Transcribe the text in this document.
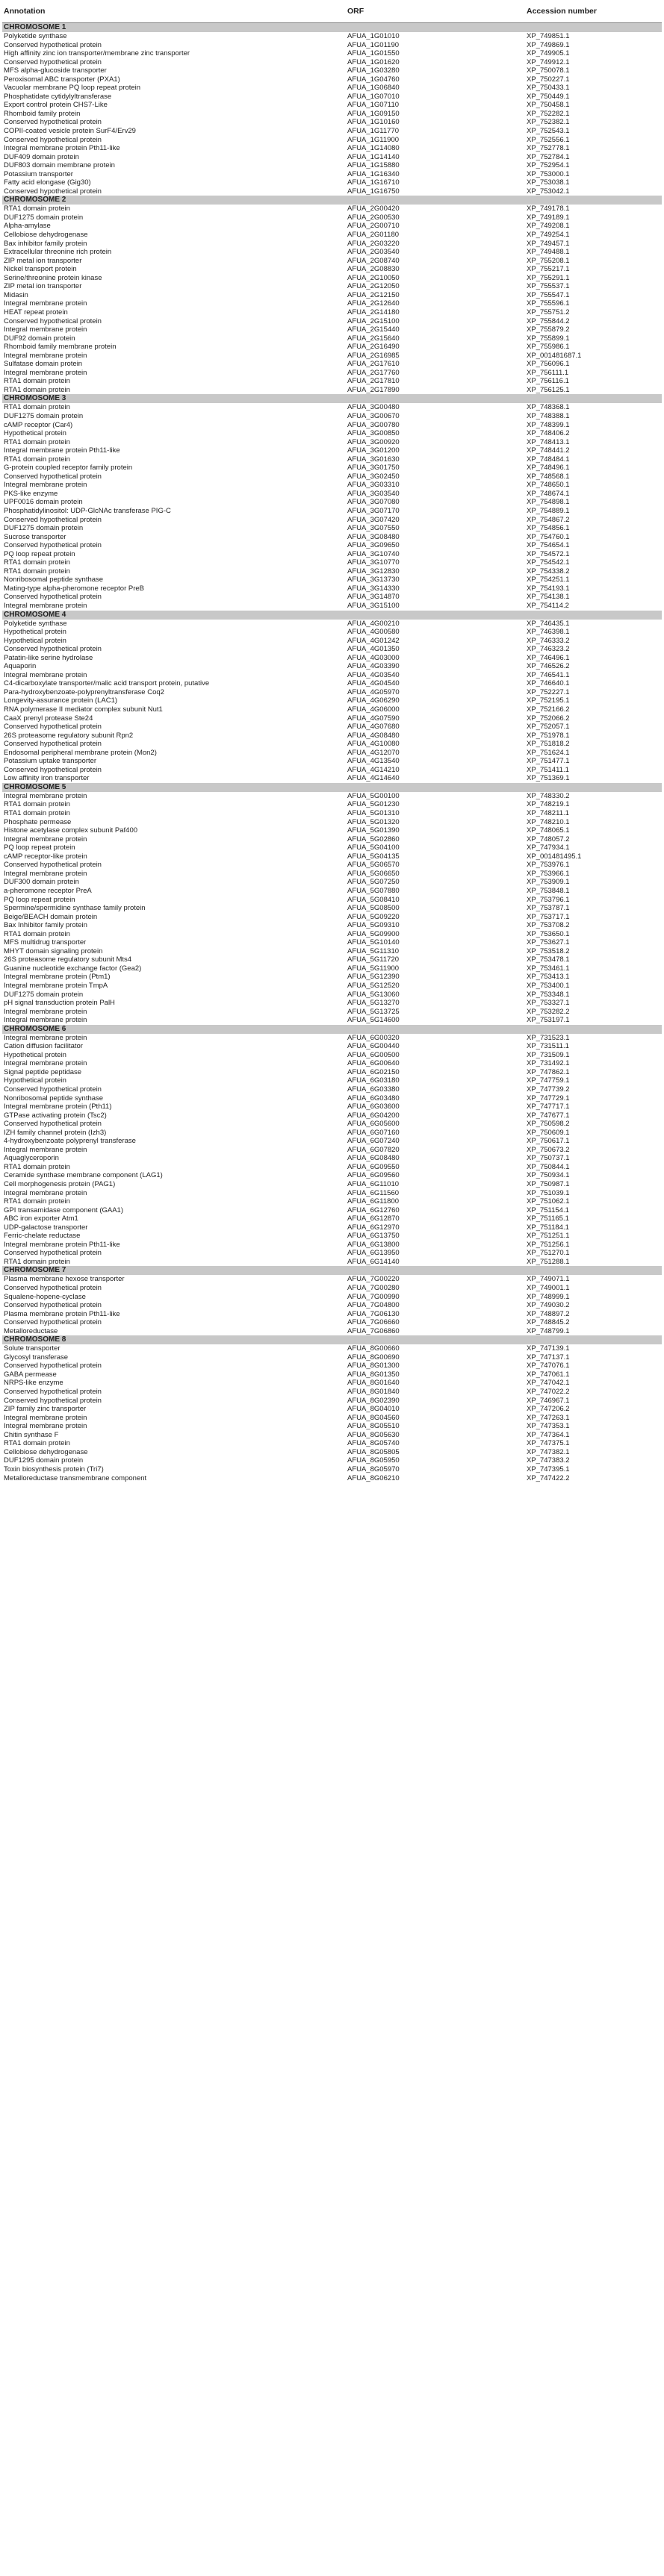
Annotation	ORF	Accession number
CHROMOSOME 1		
Polyketide synthase	AFUA_1G01010	XP_749851.1
Conserved hypothetical protein	AFUA_1G01190	XP_749869.1
High affinity zinc ion transporter/membrane zinc transporter	AFUA_1G01550	XP_749905.1
Conserved hypothetical protein	AFUA_1G01620	XP_749912.1
MFS alpha-glucoside transporter	AFUA_1G03280	XP_750078.1
Peroxisomal ABC transporter (PXA1)	AFUA_1G04760	XP_750227.1
Vacuolar membrane PQ loop repeat protein	AFUA_1G06840	XP_750433.1
Phosphatidate cytidylyltransferase	AFUA_1G07010	XP_750449.1
Export control protein CHS7-Like	AFUA_1G07110	XP_750458.1
Rhomboid family protein	AFUA_1G09150	XP_752282.1
Conserved hypothetical protein	AFUA_1G10160	XP_752382.1
COPII-coated vesicle protein SurF4/Erv29	AFUA_1G11770	XP_752543.1
Conserved hypothetical protein	AFUA_1G11900	XP_752556.1
Integral membrane protein Pth11-like	AFUA_1G14080	XP_752778.1
DUF409 domain protein	AFUA_1G14140	XP_752784.1
DUF803 domain membrane protein	AFUA_1G15880	XP_752954.1
Potassium transporter	AFUA_1G16340	XP_753000.1
Fatty acid elongase (Gig30)	AFUA_1G16710	XP_753038.1
Conserved hypothetical protein	AFUA_1G16750	XP_753042.1
CHROMOSOME 2		
RTA1 domain protein	AFUA_2G00420	XP_749178.1
DUF1275 domain protein	AFUA_2G00530	XP_749189.1
Alpha-amylase	AFUA_2G00710	XP_749208.1
Cellobiose dehydrogenase	AFUA_2G01180	XP_749254.1
Bax inhibitor family protein	AFUA_2G03220	XP_749457.1
Extracellular threonine rich protein	AFUA_2G03540	XP_749488.1
ZIP metal ion transporter	AFUA_2G08740	XP_755208.1
Nickel transport protein	AFUA_2G08830	XP_755217.1
Serine/threonine protein kinase	AFUA_2G10050	XP_755291.1
ZIP metal ion transporter	AFUA_2G12050	XP_755537.1
Midasin	AFUA_2G12150	XP_755547.1
Integral membrane protein	AFUA_2G12640	XP_755596.1
HEAT repeat protein	AFUA_2G14180	XP_755751.2
Conserved hypothetical protein	AFUA_2G15100	XP_755844.2
Integral membrane protein	AFUA_2G15440	XP_755879.2
DUF92 domain protein	AFUA_2G15640	XP_755899.1
Rhomboid family membrane protein	AFUA_2G16490	XP_755986.1
Integral membrane protein	AFUA_2G16985	XP_001481687.1
Sulfatase domain protein	AFUA_2G17610	XP_756096.1
Integral membrane protein	AFUA_2G17760	XP_756111.1
RTA1 domain protein	AFUA_2G17810	XP_756116.1
RTA1 domain protein	AFUA_2G17890	XP_756125.1
CHROMOSOME 3		
RTA1 domain protein	AFUA_3G00480	XP_748368.1
DUF1275 domain protein	AFUA_3G00670	XP_748388.1
cAMP receptor (Car4)	AFUA_3G00780	XP_748399.1
Hypothetical protein	AFUA_3G00850	XP_748406.2
RTA1 domain protein	AFUA_3G00920	XP_748413.1
Integral membrane protein Pth11-like	AFUA_3G01200	XP_748441.2
RTA1 domain protein	AFUA_3G01630	XP_748484.1
G-protein coupled receptor family protein	AFUA_3G01750	XP_748496.1
Conserved hypothetical protein	AFUA_3G02450	XP_748568.1
Integral membrane protein	AFUA_3G03310	XP_748650.1
PKS-like enzyme	AFUA_3G03540	XP_748674.1
UPF0016 domain protein	AFUA_3G07080	XP_754898.1
Phosphatidylinositol: UDP-GlcNAc transferase PIG-C	AFUA_3G07170	XP_754889.1
Conserved hypothetical protein	AFUA_3G07420	XP_754867.2
DUF1275 domain protein	AFUA_3G07550	XP_754856.1
Sucrose transporter	AFUA_3G08480	XP_754760.1
Conserved hypothetical protein	AFUA_3G09650	XP_754654.1
PQ loop repeat protein	AFUA_3G10740	XP_754572.1
RTA1 domain protein	AFUA_3G10770	XP_754542.1
RTA1 domain protein	AFUA_3G12830	XP_754338.2
Nonribosomal peptide synthase	AFUA_3G13730	XP_754251.1
Mating-type alpha-pheromone receptor PreB	AFUA_3G14330	XP_754193.1
Conserved hypothetical protein	AFUA_3G14870	XP_754138.1
Integral membrane protein	AFUA_3G15100	XP_754114.2
CHROMOSOME 4		
Polyketide synthase	AFUA_4G00210	XP_746435.1
Hypothetical protein	AFUA_4G00580	XP_746398.1
Hypothetical protein	AFUA_4G01242	XP_746333.2
Conserved hypothetical protein	AFUA_4G01350	XP_746323.2
Patatin-like serine hydrolase	AFUA_4G03000	XP_746496.1
Aquaporin	AFUA_4G03390	XP_746526.2
Integral membrane protein	AFUA_4G03540	XP_746541.1
C4-dicarboxylate transporter/malic acid transport protein, putative	AFUA_4G04540	XP_746640.1
Para-hydroxybenzoate-polyprenyltransferase Coq2	AFUA_4G05970	XP_752227.1
Longevity-assurance protein (LAC1)	AFUA_4G06290	XP_752195.1
RNA polymerase II mediator complex subunit Nut1	AFUA_4G06000	XP_752166.2
CaaX prenyl protease Ste24	AFUA_4G07590	XP_752066.2
Conserved hypothetical protein	AFUA_4G07680	XP_752057.1
26S proteasome regulatory subunit Rpn2	AFUA_4G08480	XP_751978.1
Conserved hypothetical protein	AFUA_4G10080	XP_751818.2
Endosomal peripheral membrane protein (Mon2)	AFUA_4G12070	XP_751624.1
Potassium uptake transporter	AFUA_4G13540	XP_751477.1
Conserved hypothetical protein	AFUA_4G14210	XP_751411.1
Low affinity iron transporter	AFUA_4G14640	XP_751369.1
CHROMOSOME 5		
Integral membrane protein	AFUA_5G00100	XP_748330.2
RTA1 domain protein	AFUA_5G01230	XP_748219.1
RTA1 domain protein	AFUA_5G01310	XP_748211.1
Phosphate permease	AFUA_5G01320	XP_748210.1
Histone acetylase complex subunit Paf400	AFUA_5G01390	XP_748065.1
Integral membrane protein	AFUA_5G02860	XP_748057.2
PQ loop repeat protein	AFUA_5G04100	XP_747934.1
cAMP receptor-like protein	AFUA_5G04135	XP_001481495.1
Conserved hypothetical protein	AFUA_5G06570	XP_753976.1
Integral membrane protein	AFUA_5G06650	XP_753966.1
DUF300 domain protein	AFUA_5G07250	XP_753909.1
a-pheromone receptor PreA	AFUA_5G07880	XP_753848.1
PQ loop repeat protein	AFUA_5G08410	XP_753796.1
Spermine/spermidine synthase family protein	AFUA_5G08500	XP_753787.1
Beige/BEACH domain protein	AFUA_5G09220	XP_753717.1
Bax Inhibitor family protein	AFUA_5G09310	XP_753708.2
RTA1 domain protein	AFUA_5G09900	XP_753650.1
MFS multidrug transporter	AFUA_5G10140	XP_753627.1
MHYT domain signaling protein	AFUA_5G11310	XP_753518.2
26S proteasome regulatory subunit Mts4	AFUA_5G11720	XP_753478.1
Guanine nucleotide exchange factor (Gea2)	AFUA_5G11900	XP_753461.1
Integral membrane protein (Ptm1)	AFUA_5G12390	XP_753413.1
Integral membrane protein TmpA	AFUA_5G12520	XP_753400.1
DUF1275 domain protein	AFUA_5G13060	XP_753348.1
pH signal transduction protein PalH	AFUA_5G13270	XP_753327.1
Integral membrane protein	AFUA_5G13725	XP_753282.2
Integral membrane protein	AFUA_5G14600	XP_753197.1
CHROMOSOME 6		
Integral membrane protein	AFUA_6G00320	XP_731523.1
Cation diffusion facilitator	AFUA_6G00440	XP_731511.1
Hypothetical protein	AFUA_6G00500	XP_731509.1
Integral membrane protein	AFUA_6G00640	XP_731492.1
Signal peptide peptidase	AFUA_6G02150	XP_747862.1
Hypothetical protein	AFUA_6G03180	XP_747759.1
Conserved hypothetical protein	AFUA_6G03380	XP_747739.2
Nonribosomal peptide synthase	AFUA_6G03480	XP_747729.1
Integral membrane protein (Pth11)	AFUA_6G03600	XP_747717.1
GTPase activating protein (Tsc2)	AFUA_6G04200	XP_747677.1
Conserved hypothetical protein	AFUA_6G05600	XP_750598.2
IZH family channel protein (Izh3)	AFUA_6G07160	XP_750609.1
4-hydroxybenzoate polyprenyl transferase	AFUA_6G07240	XP_750617.1
Integral membrane protein	AFUA_6G07820	XP_750673.2
Aquaglyceroporin	AFUA_6G08480	XP_750737.1
RTA1 domain protein	AFUA_6G09550	XP_750844.1
Ceramide synthase membrane component (LAG1)	AFUA_6G09560	XP_750934.1
Cell morphogenesis protein (PAG1)	AFUA_6G11010	XP_750987.1
Integral membrane protein	AFUA_6G11560	XP_751039.1
RTA1 domain protein	AFUA_6G11800	XP_751062.1
GPI transamidase component (GAA1)	AFUA_6G12760	XP_751154.1
ABC iron exporter Atm1	AFUA_6G12870	XP_751165.1
UDP-galactose transporter	AFUA_6G12970	XP_751184.1
Ferric-chelate reductase	AFUA_6G13750	XP_751251.1
Integral membrane protein Pth11-like	AFUA_6G13800	XP_751256.1
Conserved hypothetical protein	AFUA_6G13950	XP_751270.1
RTA1 domain protein	AFUA_6G14140	XP_751288.1
CHROMOSOME 7		
Plasma membrane hexose transporter	AFUA_7G00220	XP_749071.1
Conserved hypothetical protein	AFUA_7G00280	XP_749001.1
Squalene-hopene-cyclase	AFUA_7G00990	XP_748999.1
Conserved hypothetical protein	AFUA_7G04800	XP_749030.2
Plasma membrane protein Pth11-like	AFUA_7G06130	XP_748897.2
Conserved hypothetical protein	AFUA_7G06660	XP_748845.2
Metalloreductase	AFUA_7G06860	XP_748799.1
CHROMOSOME 8		
Solute transporter	AFUA_8G00660	XP_747139.1
Glycosyl transferase	AFUA_8G00690	XP_747137.1
Conserved hypothetical protein	AFUA_8G01300	XP_747076.1
GABA permease	AFUA_8G01350	XP_747061.1
NRPS-like enzyme	AFUA_8G01640	XP_747042.1
Conserved hypothetical protein	AFUA_8G01840	XP_747022.2
Conserved hypothetical protein	AFUA_8G02390	XP_746967.1
ZIP family zinc transporter	AFUA_8G04010	XP_747206.2
Integral membrane protein	AFUA_8G04560	XP_747263.1
Integral membrane protein	AFUA_8G05510	XP_747353.1
Chitin synthase F	AFUA_8G05630	XP_747364.1
RTA1 domain protein	AFUA_8G05740	XP_747375.1
Cellobiose dehydrogenase	AFUA_8G05805	XP_747382.1
DUF1295 domain protein	AFUA_8G05950	XP_747383.2
Toxin biosynthesis protein (Tri7)	AFUA_8G05970	XP_747395.1
Metalloreductase transmembrane component	AFUA_8G06210	XP_747422.2
